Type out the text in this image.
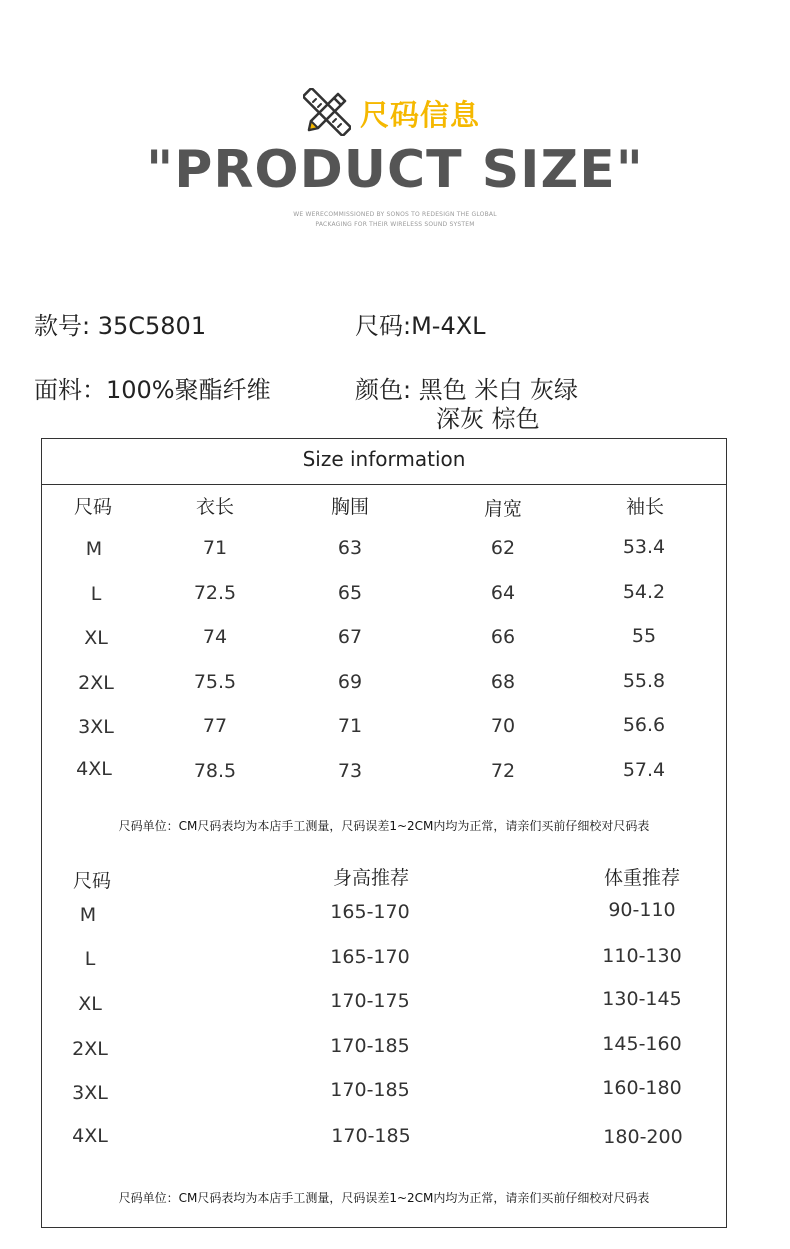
尺码信息
"PRODUCT SIZE"
WE WERECOMMISSIONED BY SONOS TO REDESIGN THE GLOBAL
PACKAGING FOR THEIR WIRELESS SOUND SYSTEM
款号: 35C5801	尺码:M-4XL
面料：100%聚酯纤维	颜色: 黑色 米白 灰绿
深灰 棕色
Size information
尺码	衣长	胸围	肩宽	袖长
M	71	63	62	53.4
L	72.5	65	64	54.2
XL	74	67	66	55
2XL	75.5	69	68	55.8
3XL	77	71	70	56.6
4XL	78.5	73	72	57.4
尺码单位：CM尺码表均为本店手工测量，尺码误差1~2CM内均为正常，请亲们买前仔细校对尺码表
尺码	身高推荐	体重推荐
M	165-170	90-110
L	165-170	110-130
XL	170-175	130-145
2XL	170-185	145-160
3XL	170-185	160-180
4XL	170-185	180-200
尺码单位：CM尺码表均为本店手工测量，尺码误差1~2CM内均为正常，请亲们买前仔细校对尺码表
